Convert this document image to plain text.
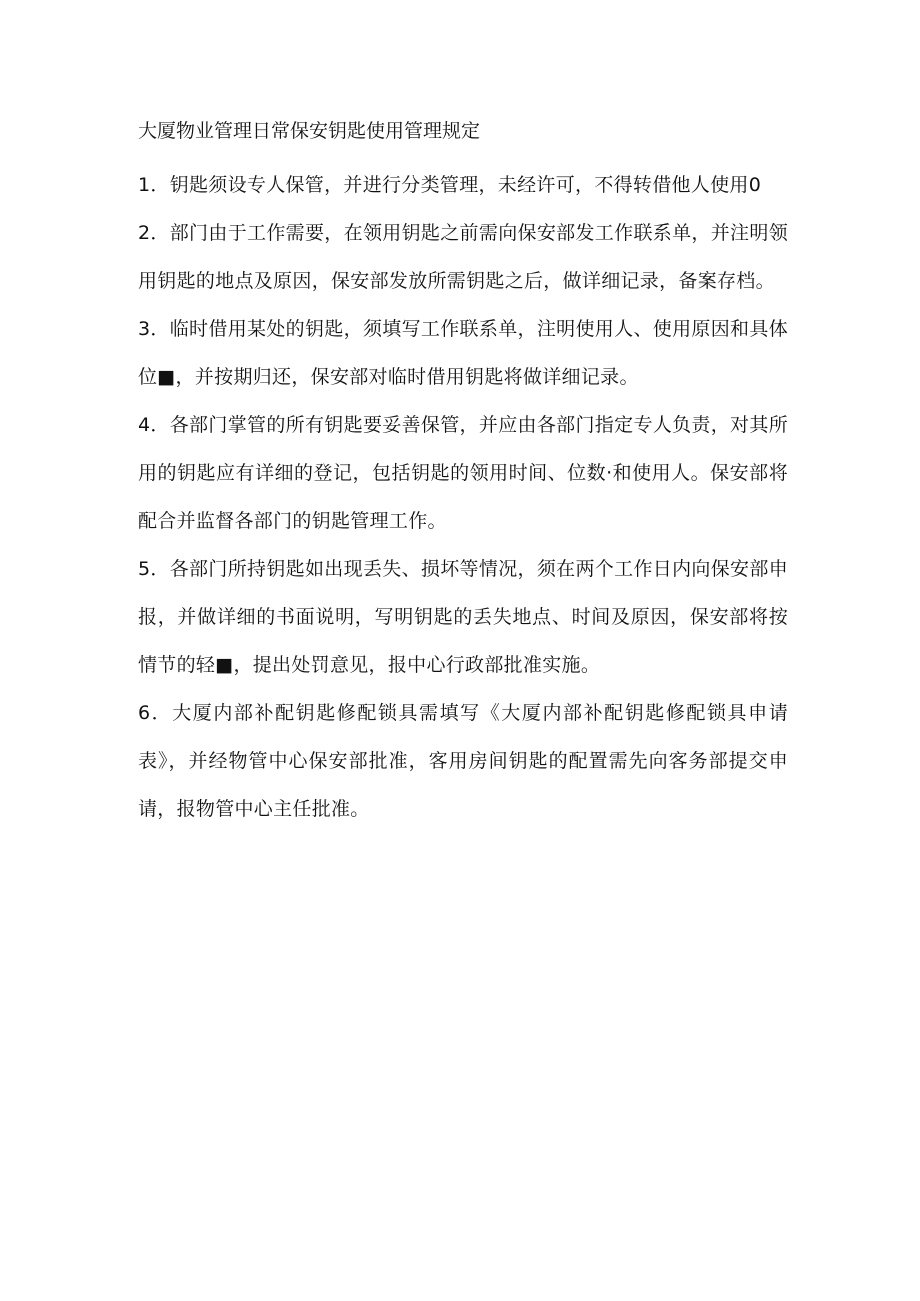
大厦物业管理日常保安钥匙使用管理规定

1．钥匙须设专人保管，并进行分类管理，未经许可，不得转借他人使用0

2．部门由于工作需要，在领用钥匙之前需向保安部发工作联系单，并注明领用钥匙的地点及原因，保安部发放所需钥匙之后，做详细记录，备案存档。

3．临时借用某处的钥匙，须填写工作联系单，注明使用人、使用原因和具体位■，并按期归还，保安部对临时借用钥匙将做详细记录。

4．各部门掌管的所有钥匙要妥善保管，并应由各部门指定专人负责，对其所用的钥匙应有详细的登记，包括钥匙的领用时间、位数·和使用人。保安部将配合并监督各部门的钥匙管理工作。

5．各部门所持钥匙如出现丢失、损坏等情况，须在两个工作日内向保安部申报，并做详细的书面说明，写明钥匙的丢失地点、时间及原因，保安部将按情节的轻■，提出处罚意见，报中心行政部批准实施。

6．大厦内部补配钥匙修配锁具需填写《大厦内部补配钥匙修配锁具申请表》，并经物管中心保安部批准，客用房间钥匙的配置需先向客务部提交申请，报物管中心主任批准。
